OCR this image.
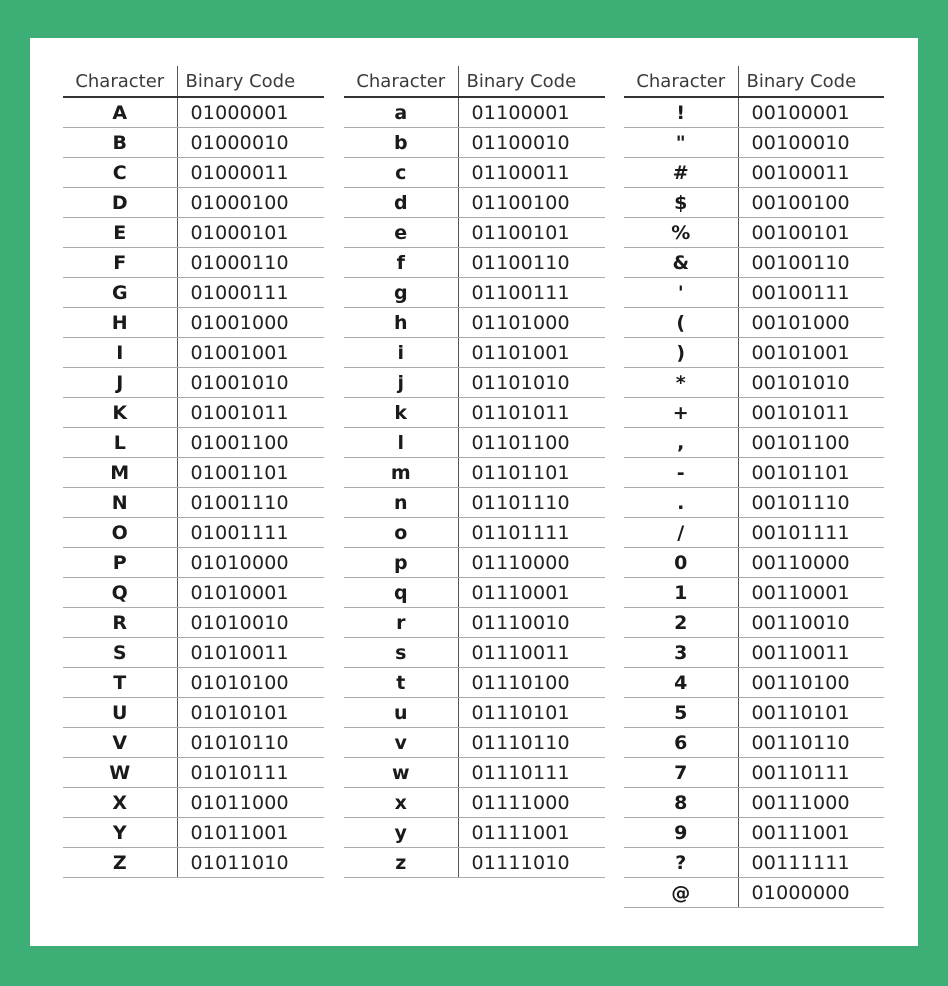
Character	Binary Code
A	01000001
B	01000010
C	01000011
D	01000100
E	01000101
F	01000110
G	01000111
H	01001000
I	01001001
J	01001010
K	01001011
L	01001100
M	01001101
N	01001110
O	01001111
P	01010000
Q	01010001
R	01010010
S	01010011
T	01010100
U	01010101
V	01010110
W	01010111
X	01011000
Y	01011001
Z	01011010
Character	Binary Code
a	01100001
b	01100010
c	01100011
d	01100100
e	01100101
f	01100110
g	01100111
h	01101000
i	01101001
j	01101010
k	01101011
l	01101100
m	01101101
n	01101110
o	01101111
p	01110000
q	01110001
r	01110010
s	01110011
t	01110100
u	01110101
v	01110110
w	01110111
x	01111000
y	01111001
z	01111010
Character	Binary Code
!	00100001
"	00100010
#	00100011
$	00100100
%	00100101
&	00100110
'	00100111
(	00101000
)	00101001
*	00101010
+	00101011
,	00101100
-	00101101
.	00101110
/	00101111
0	00110000
1	00110001
2	00110010
3	00110011
4	00110100
5	00110101
6	00110110
7	00110111
8	00111000
9	00111001
?	00111111
@	01000000
